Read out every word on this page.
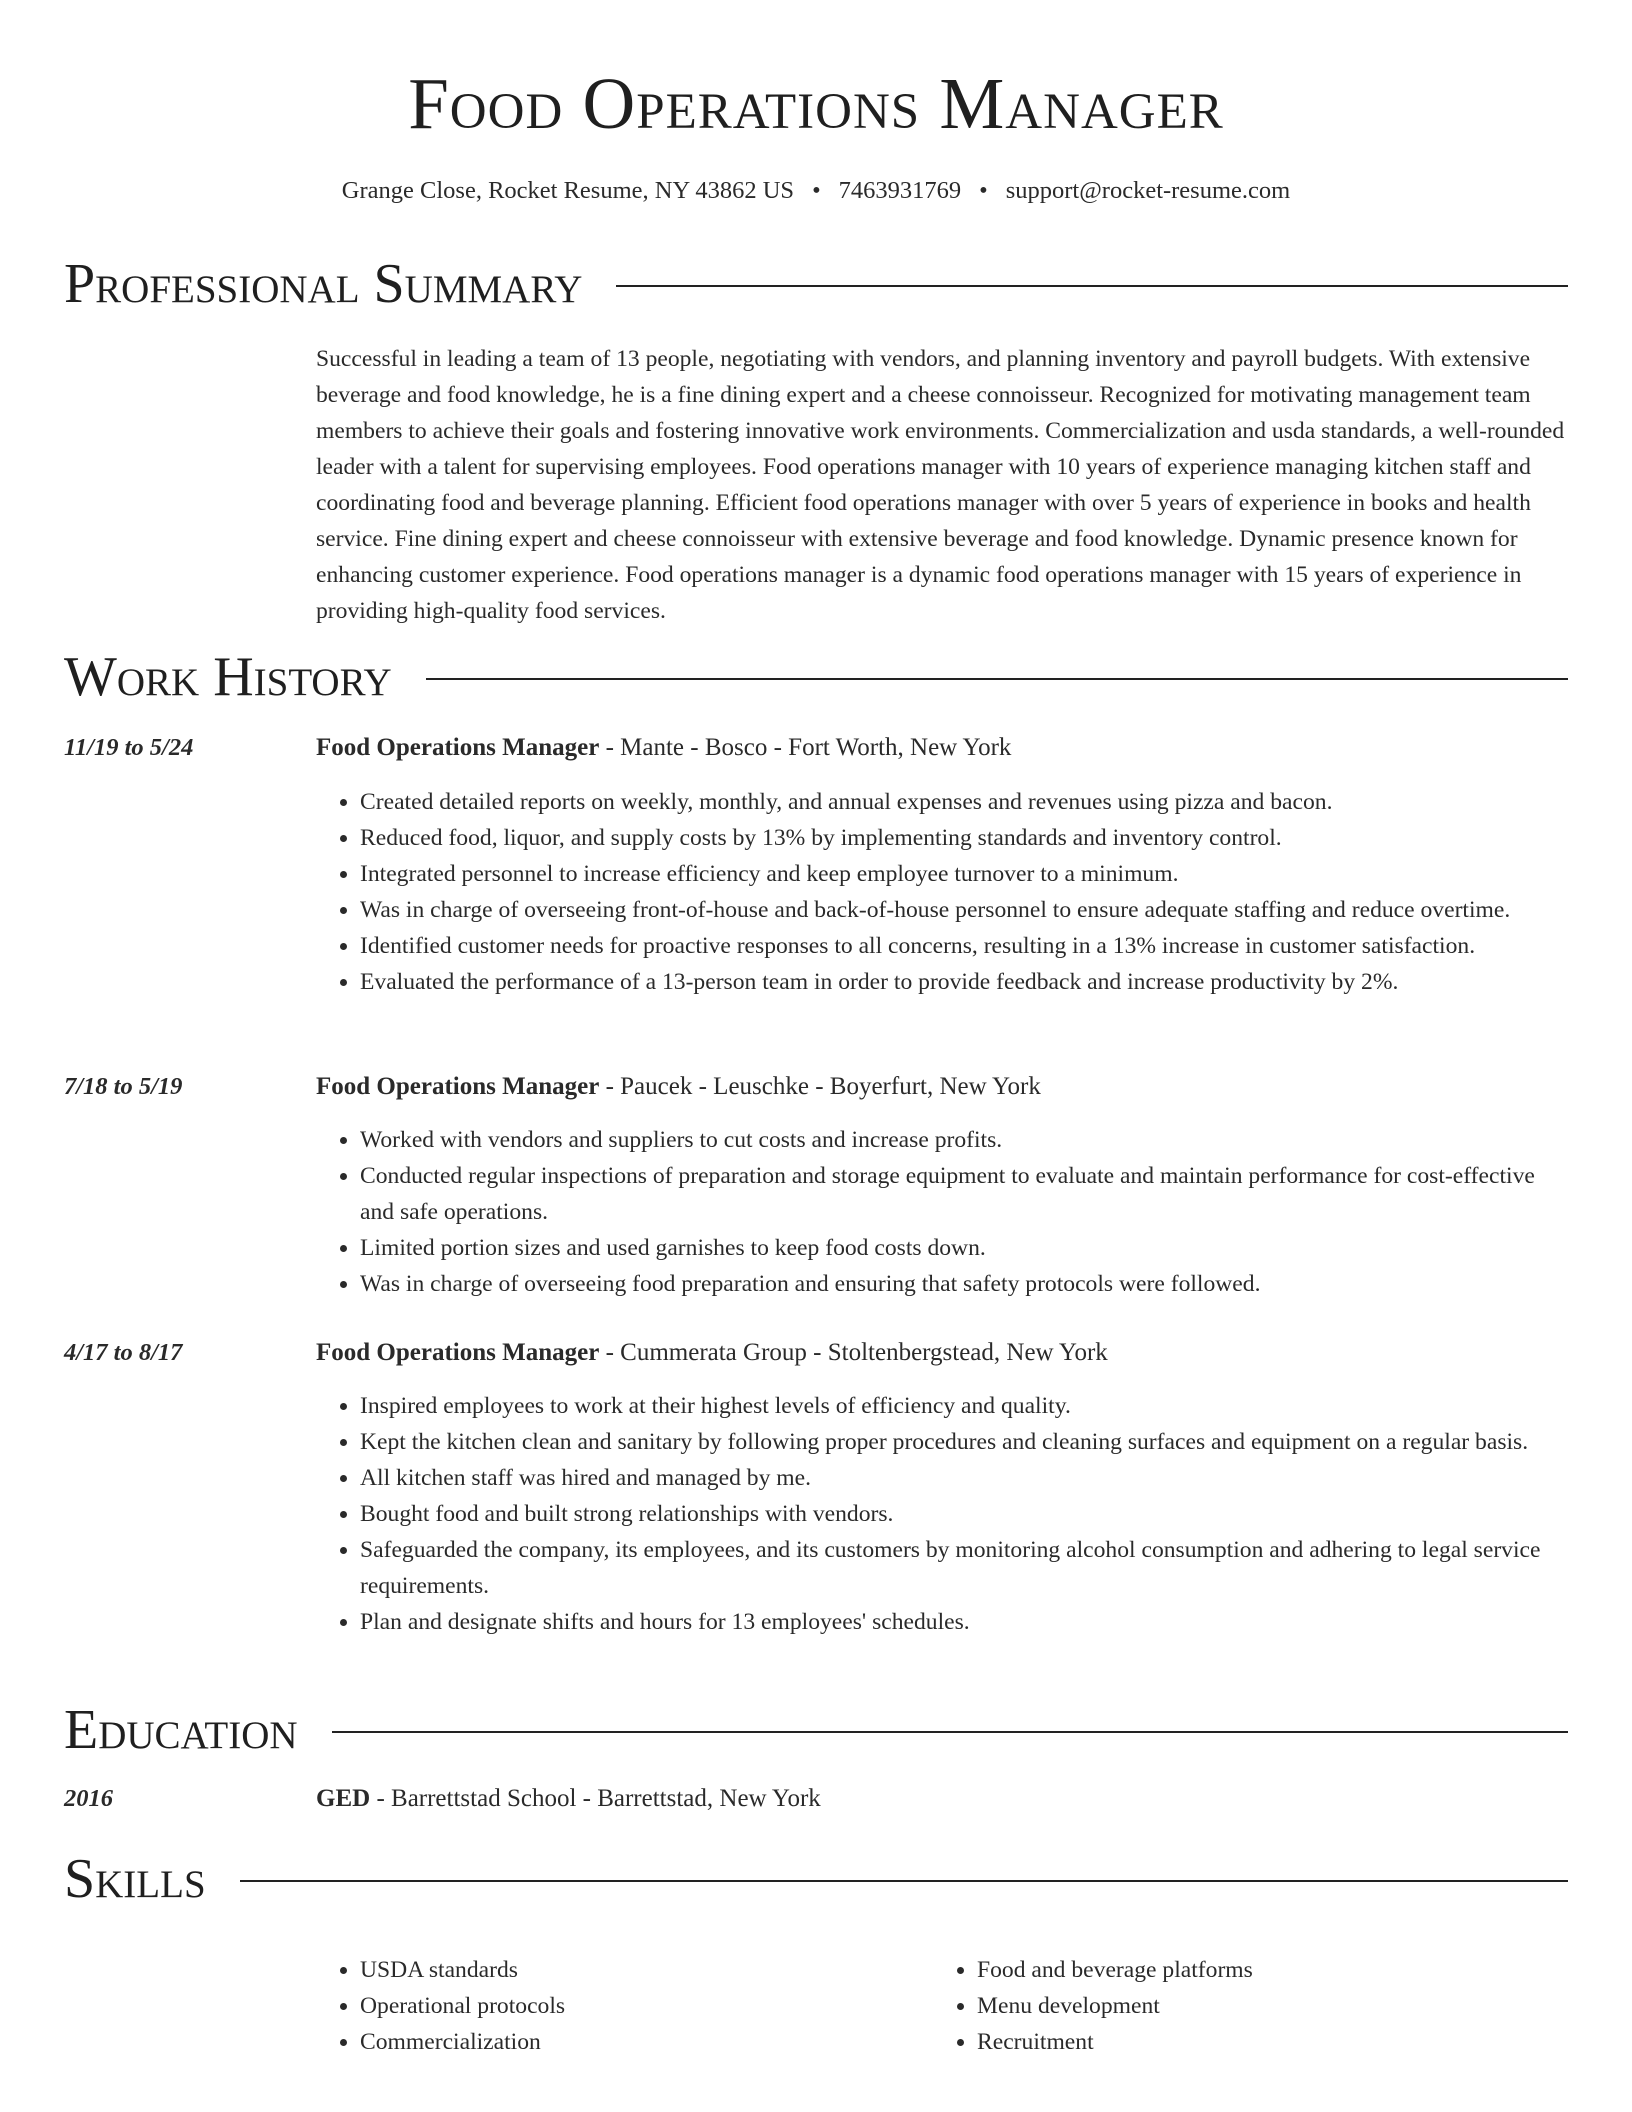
Food Operations Manager
Grange Close, Rocket Resume, NY 43862 US • 7463931769 • support@rocket-resume.com
Professional Summary
Successful in leading a team of 13 people, negotiating with vendors, and planning inventory and payroll budgets. With extensive beverage and food knowledge, he is a fine dining expert and a cheese connoisseur. Recognized for motivating management team members to achieve their goals and fostering innovative work environments. Commercialization and usda standards, a well-rounded leader with a talent for supervising employees. Food operations manager with 10 years of experience managing kitchen staff and coordinating food and beverage planning. Efficient food operations manager with over 5 years of experience in books and health service. Fine dining expert and cheese connoisseur with extensive beverage and food knowledge. Dynamic presence known for enhancing customer experience. Food operations manager is a dynamic food operations manager with 15 years of experience in providing high-quality food services.
Work History
11/19 to 5/24	Food Operations Manager - Mante - Bosco - Fort Worth, New York
• Created detailed reports on weekly, monthly, and annual expenses and revenues using pizza and bacon.
• Reduced food, liquor, and supply costs by 13% by implementing standards and inventory control.
• Integrated personnel to increase efficiency and keep employee turnover to a minimum.
• Was in charge of overseeing front-of-house and back-of-house personnel to ensure adequate staffing and reduce overtime.
• Identified customer needs for proactive responses to all concerns, resulting in a 13% increase in customer satisfaction.
• Evaluated the performance of a 13-person team in order to provide feedback and increase productivity by 2%.
7/18 to 5/19	Food Operations Manager - Paucek - Leuschke - Boyerfurt, New York
• Worked with vendors and suppliers to cut costs and increase profits.
• Conducted regular inspections of preparation and storage equipment to evaluate and maintain performance for cost-effective and safe operations.
• Limited portion sizes and used garnishes to keep food costs down.
• Was in charge of overseeing food preparation and ensuring that safety protocols were followed.
4/17 to 8/17	Food Operations Manager - Cummerata Group - Stoltenbergstead, New York
• Inspired employees to work at their highest levels of efficiency and quality.
• Kept the kitchen clean and sanitary by following proper procedures and cleaning surfaces and equipment on a regular basis.
• All kitchen staff was hired and managed by me.
• Bought food and built strong relationships with vendors.
• Safeguarded the company, its employees, and its customers by monitoring alcohol consumption and adhering to legal service requirements.
• Plan and designate shifts and hours for 13 employees' schedules.
Education
2016	GED - Barrettstad School - Barrettstad, New York
Skills
• USDA standards
• Operational protocols
• Commercialization
• Food and beverage platforms
• Menu development
• Recruitment
